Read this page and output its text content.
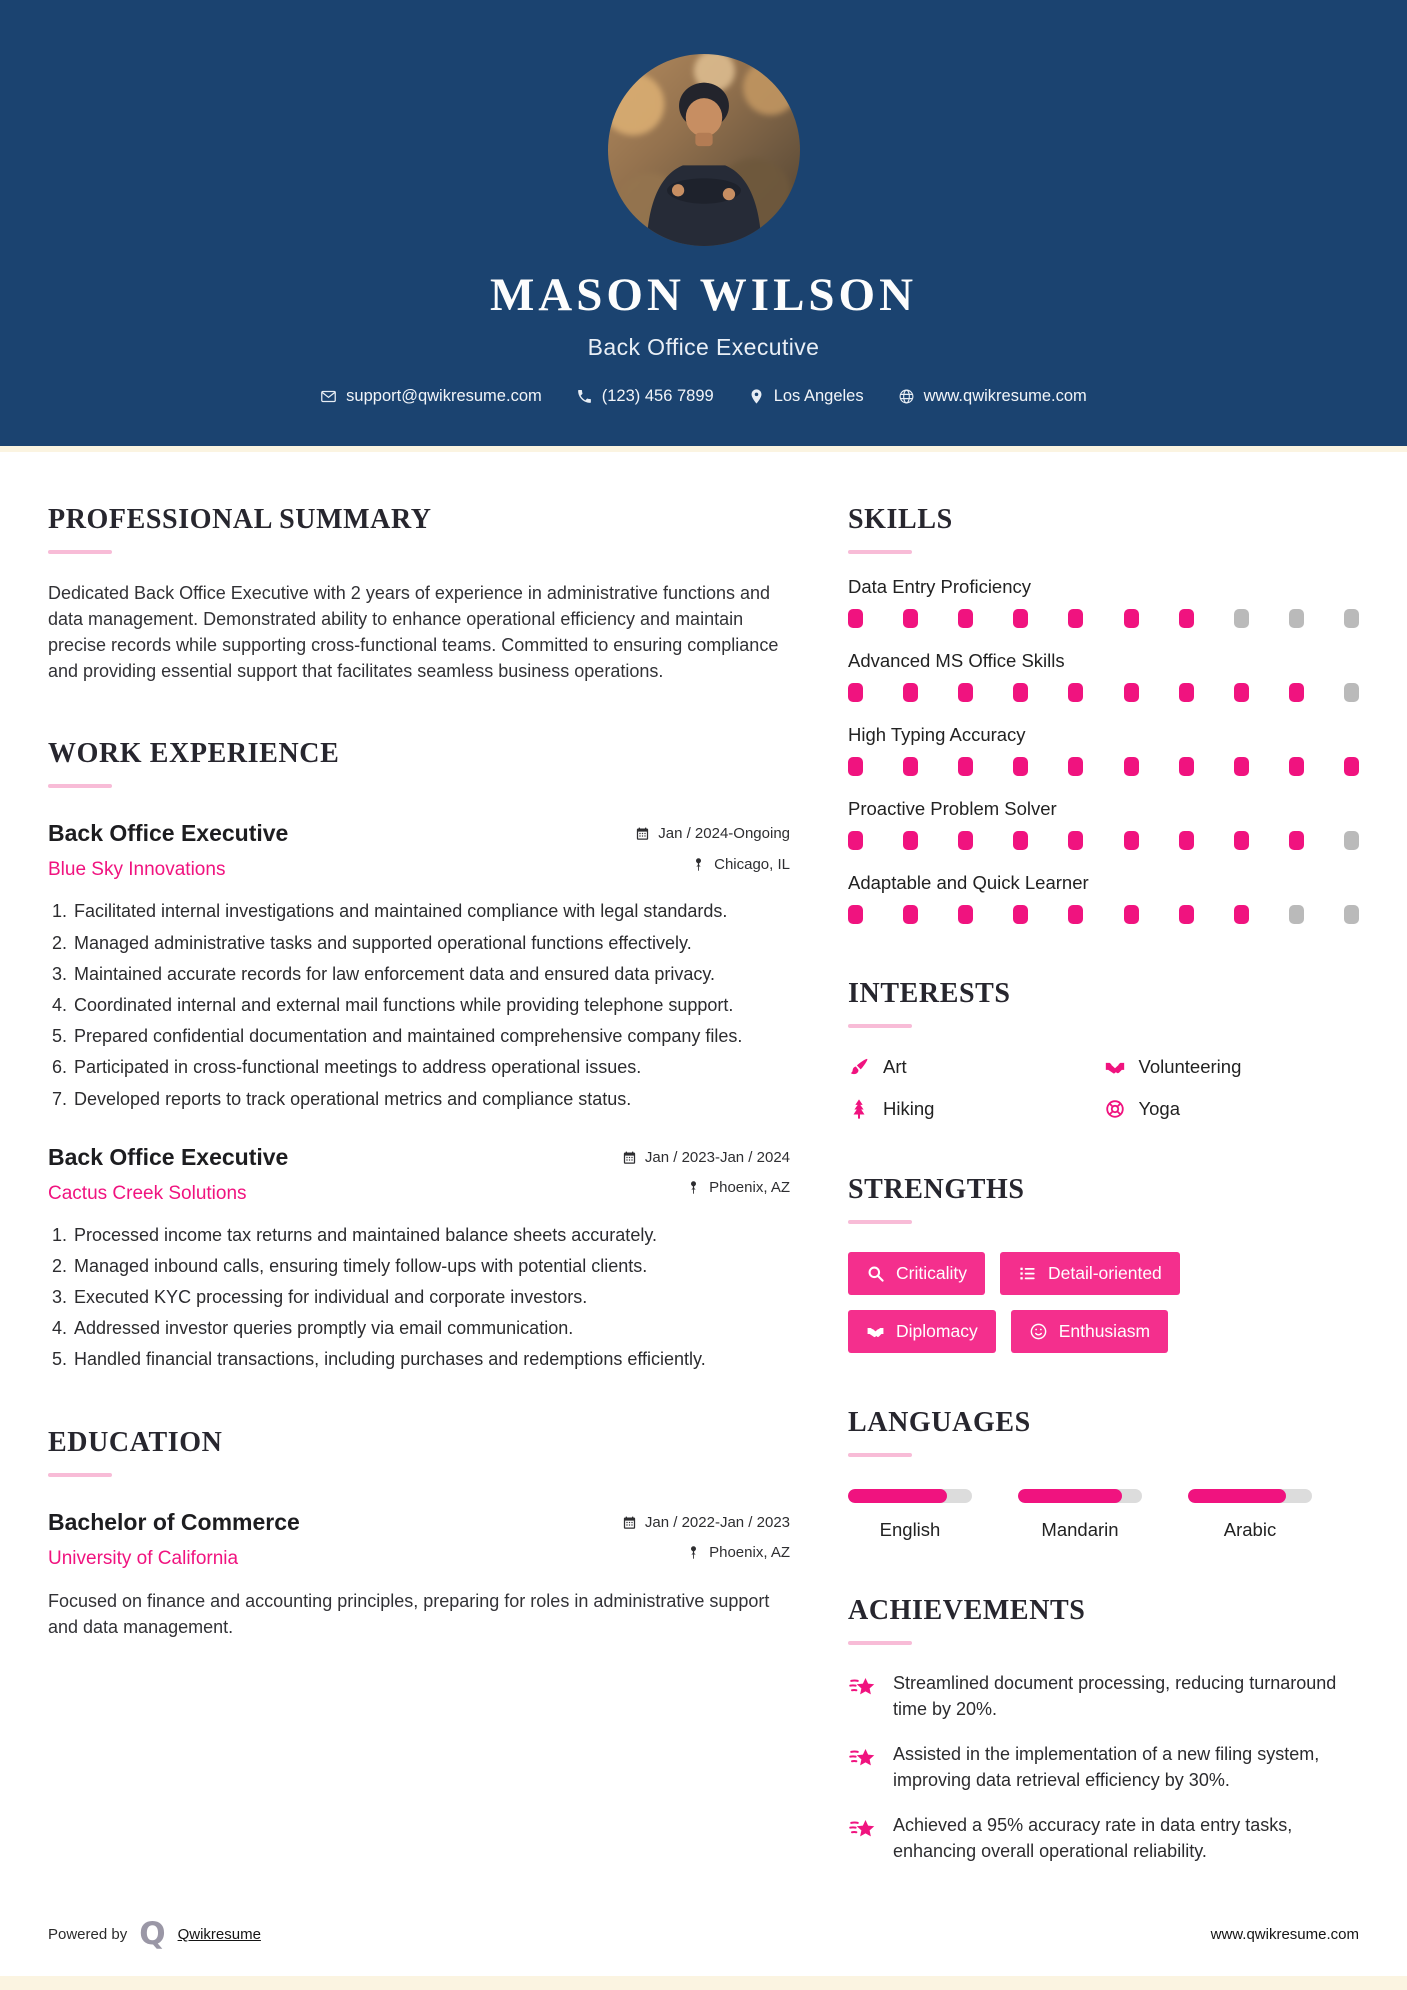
MASON WILSON
Back Office Executive
support@qwikresume.com	(123) 456 7899	Los Angeles	www.qwikresume.com
PROFESSIONAL SUMMARY

Dedicated Back Office Executive with 2 years of experience in administrative functions and data management. Demonstrated ability to enhance operational efficiency and maintain precise records while supporting cross-functional teams. Committed to ensuring compliance and providing essential support that facilitates seamless business operations.

WORK EXPERIENCE
Back Office Executive	Jan / 2024-Ongoing
Blue Sky Innovations	Chicago, IL
1. Facilitated internal investigations and maintained compliance with legal standards.
2. Managed administrative tasks and supported operational functions effectively.
3. Maintained accurate records for law enforcement data and ensured data privacy.
4. Coordinated internal and external mail functions while providing telephone support.
5. Prepared confidential documentation and maintained comprehensive company files.
6. Participated in cross-functional meetings to address operational issues.
7. Developed reports to track operational metrics and compliance status.
Back Office Executive	Jan / 2023-Jan / 2024
Cactus Creek Solutions	Phoenix, AZ
1. Processed income tax returns and maintained balance sheets accurately.
2. Managed inbound calls, ensuring timely follow-ups with potential clients.
3. Executed KYC processing for individual and corporate investors.
4. Addressed investor queries promptly via email communication.
5. Handled financial transactions, including purchases and redemptions efficiently.
EDUCATION
Bachelor of Commerce	Jan / 2022-Jan / 2023
University of California	Phoenix, AZ

Focused on finance and accounting principles, preparing for roles in administrative support and data management.

SKILLS
Data Entry Proficiency
Advanced MS Office Skills
High Typing Accuracy
Proactive Problem Solver
Adaptable and Quick Learner
INTERESTS
Art	Volunteering
Hiking	Yoga
STRENGTHS
Criticality	Detail-oriented
Diplomacy	Enthusiasm
LANGUAGES
English	Mandarin	Arabic
ACHIEVEMENTS
Streamlined document processing, reducing turnaround time by 20%.
Assisted in the implementation of a new filing system, improving data retrieval efficiency by 30%.
Achieved a 95% accuracy rate in data entry tasks, enhancing overall operational reliability.
Powered by Q Qwikresume	www.qwikresume.com
